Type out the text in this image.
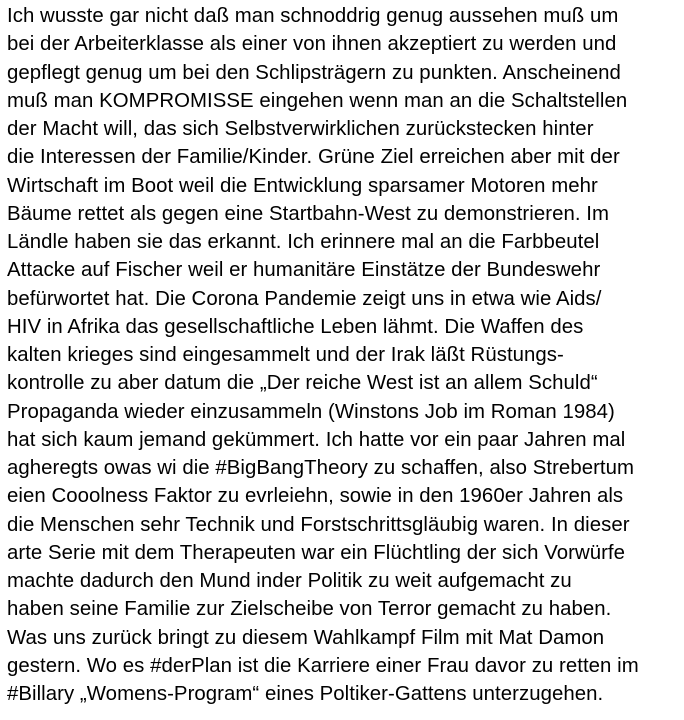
Ich wusste gar nicht daß man schnoddrig genug aussehen muß um
bei der Arbeiterklasse als einer von ihnen akzeptiert zu werden und
gepflegt genug um bei den Schlipsträgern zu punkten. Anscheinend
muß man KOMPROMISSE eingehen wenn man an die Schaltstellen
der Macht will, das sich Selbstverwirklichen zurückstecken hinter
die Interessen der Familie/Kinder. Grüne Ziel erreichen aber mit der
Wirtschaft im Boot weil die Entwicklung sparsamer Motoren mehr
Bäume rettet als gegen eine Startbahn-West zu demonstrieren. Im
Ländle haben sie das erkannt. Ich erinnere mal an die Farbbeutel
Attacke auf Fischer weil er humanitäre Einstätze der Bundeswehr
befürwortet hat. Die Corona Pandemie zeigt uns in etwa wie Aids/
HIV in Afrika das gesellschaftliche Leben lähmt. Die Waffen des
kalten krieges sind eingesammelt und der Irak läßt Rüstungs-
kontrolle zu aber datum die „Der reiche West ist an allem Schuld“
Propaganda wieder einzusammeln (Winstons Job im Roman 1984)
hat sich kaum jemand gekümmert. Ich hatte vor ein paar Jahren mal
agheregts owas wi die #BigBangTheory zu schaffen, also Strebertum
eien Cooolness Faktor zu evrleiehn, sowie in den 1960er Jahren als
die Menschen sehr Technik und Forstschrittsgläubig waren. In dieser
arte Serie mit dem Therapeuten war ein Flüchtling der sich Vorwürfe
machte dadurch den Mund inder Politik zu weit aufgemacht zu
haben seine Familie zur Zielscheibe von Terror gemacht zu haben.
Was uns zurück bringt zu diesem Wahlkampf Film mit Mat Damon
gestern. Wo es #derPlan ist die Karriere einer Frau davor zu retten im
#Billary „Womens-Program“ eines Poltiker-Gattens unterzugehen.
